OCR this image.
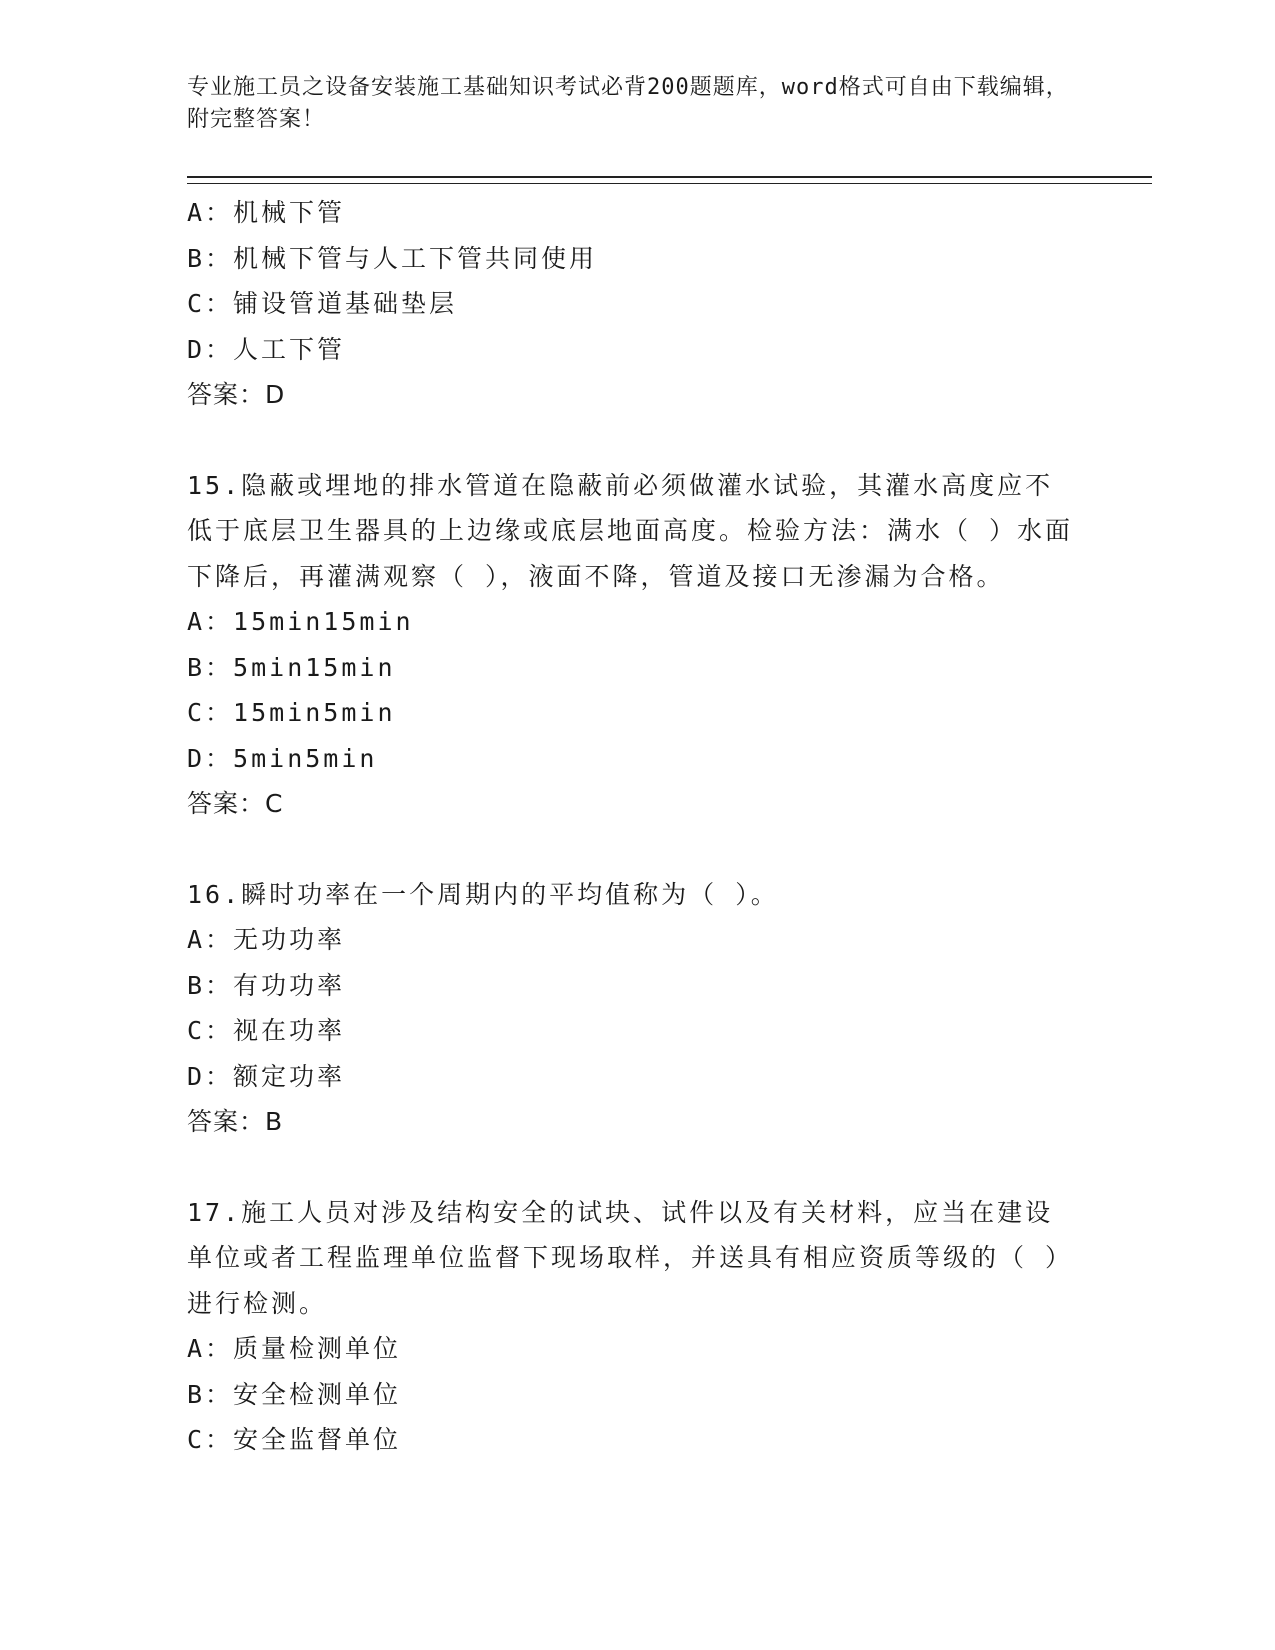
专业施工员之设备安装施工基础知识考试必背200题题库，word格式可自由下载编辑，附完整答案！
A：机械下管
B：机械下管与人工下管共同使用
C：铺设管道基础垫层
D：人工下管
答案：D
15.隐蔽或埋地的排水管道在隐蔽前必须做灌水试验，其灌水高度应不低于底层卫生器具的上边缘或底层地面高度。检验方法：满水（ ）水面下降后，再灌满观察（ ），液面不降，管道及接口无渗漏为合格。
A：15min15min
B：5min15min
C：15min5min
D：5min5min
答案：C
16.瞬时功率在一个周期内的平均值称为（ ）。
A：无功功率
B：有功功率
C：视在功率
D：额定功率
答案：B
17.施工人员对涉及结构安全的试块、试件以及有关材料，应当在建设单位或者工程监理单位监督下现场取样，并送具有相应资质等级的（ ）进行检测。
A：质量检测单位
B：安全检测单位
C：安全监督单位
